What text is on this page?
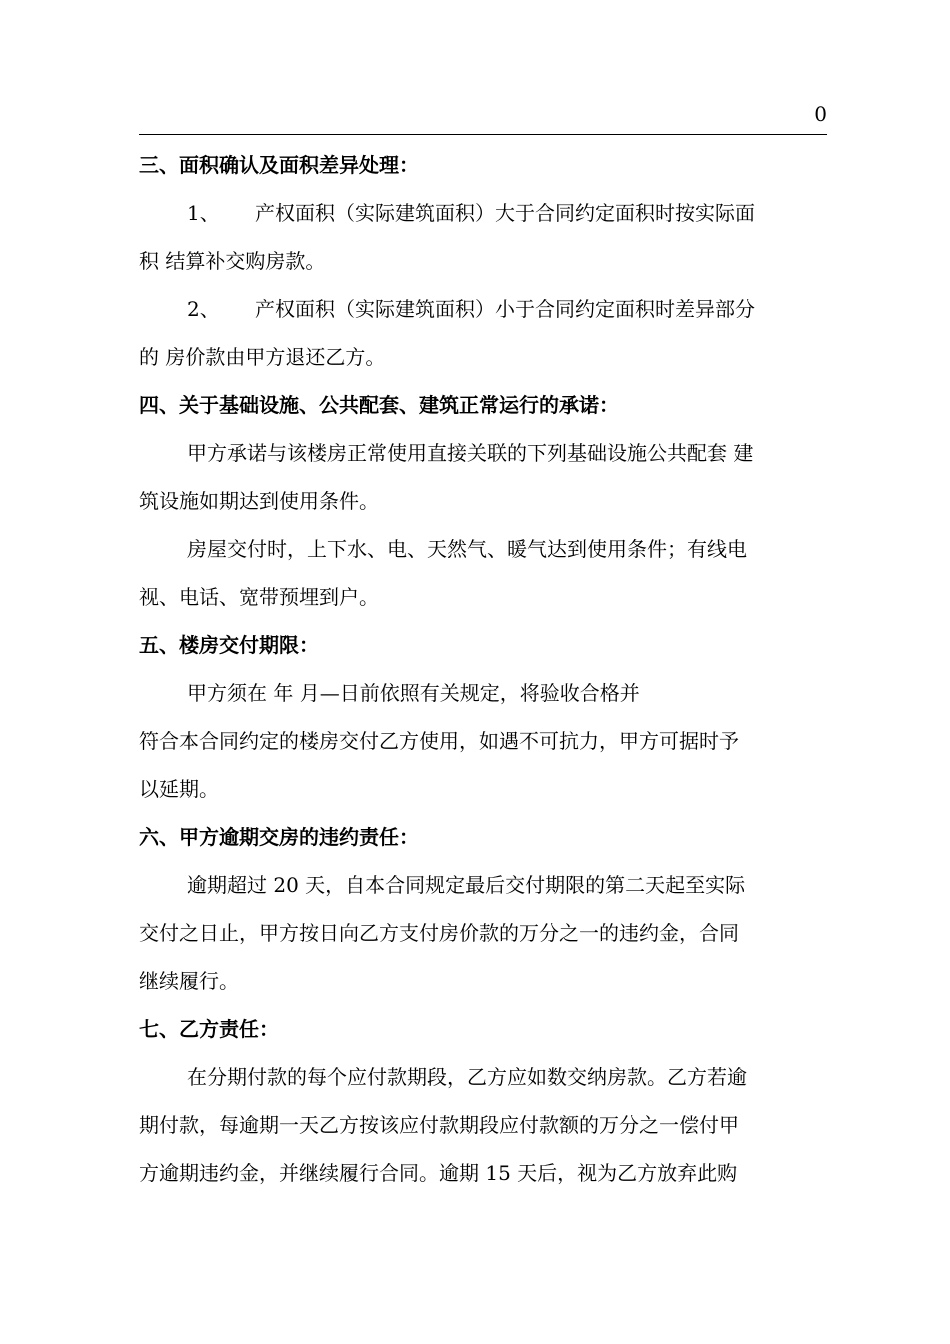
0
三、面积确认及面积差异处理：
1、 产权面积（实际建筑面积）大于合同约定面积时按实际面
积 结算补交购房款。
2、 产权面积（实际建筑面积）小于合同约定面积时差异部分
的 房价款由甲方退还乙方。
四、关于基础设施、公共配套、建筑正常运行的承诺：
甲方承诺与该楼房正常使用直接关联的下列基础设施公共配套 建
筑设施如期达到使用条件。
房屋交付时，上下水、电、天然气、暖气达到使用条件；有线电
视、电话、宽带预埋到户。
五、楼房交付期限：
甲方须在 年 月—日前依照有关规定，将验收合格并
符合本合同约定的楼房交付乙方使用，如遇不可抗力，甲方可据时予
以延期。
六、甲方逾期交房的违约责任：
逾期超过 20 天，自本合同规定最后交付期限的第二天起至实际
交付之日止，甲方按日向乙方支付房价款的万分之一的违约金，合同
继续履行。
七、乙方责任：
在分期付款的每个应付款期段，乙方应如数交纳房款。乙方若逾
期付款，每逾期一天乙方按该应付款期段应付款额的万分之一偿付甲
方逾期违约金，并继续履行合同。逾期 15 天后，视为乙方放弃此购
